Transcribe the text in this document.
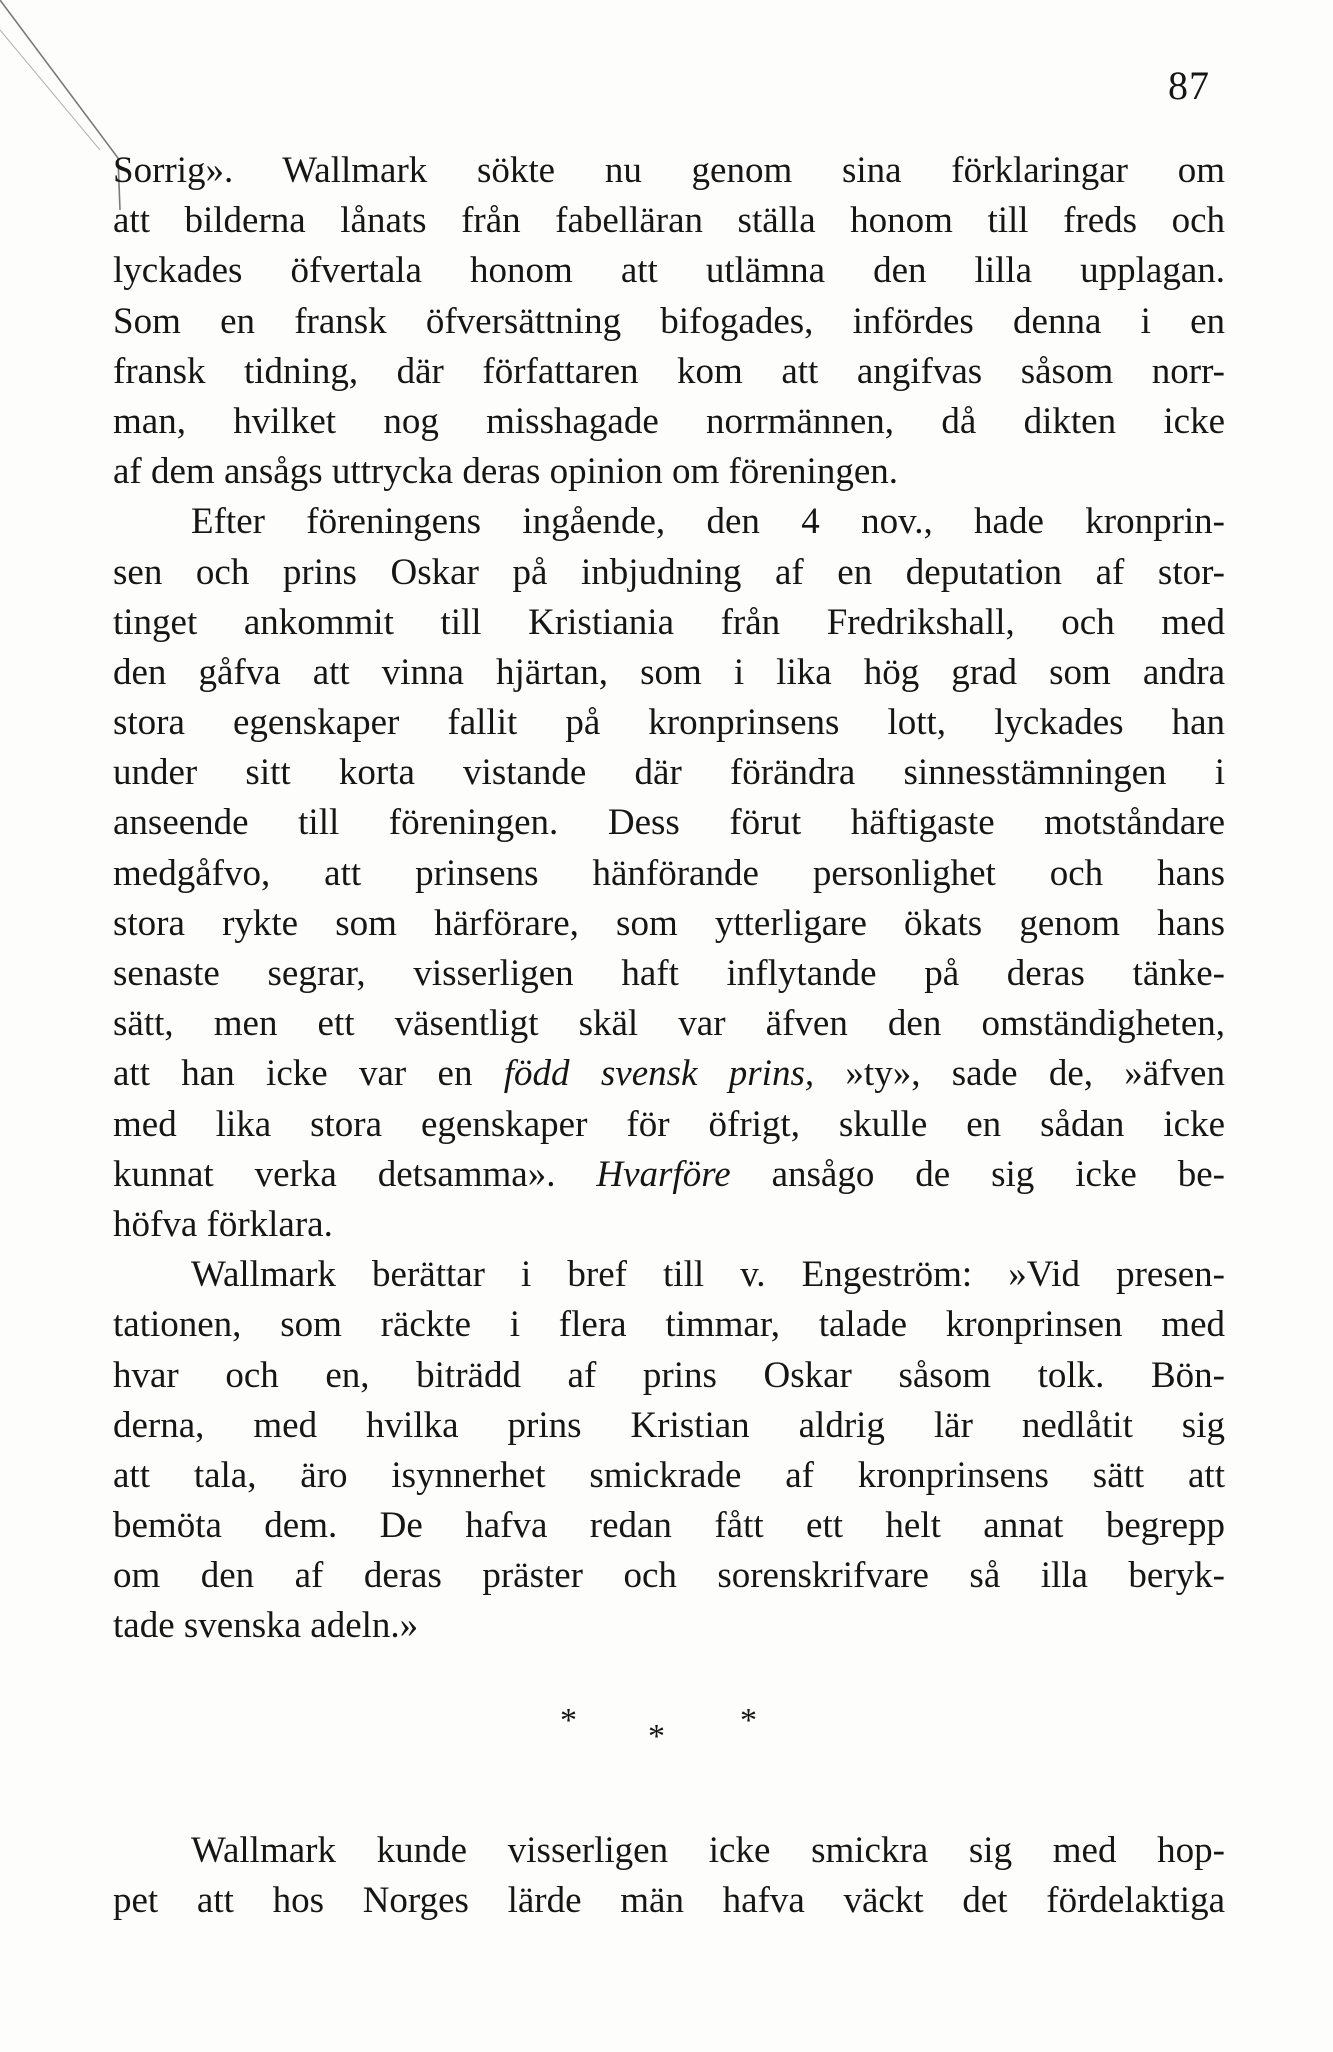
87
Sorrig». Wallmark sökte nu genom sina förklaringar om
att bilderna lånats från fabelläran ställa honom till freds och
lyckades öfvertala honom att utlämna den lilla upplagan.
Som en fransk öfversättning bifogades, infördes denna i en
fransk tidning, där författaren kom att angifvas såsom norr-
man, hvilket nog misshagade norrmännen, då dikten icke
af dem ansågs uttrycka deras opinion om föreningen.
Efter föreningens ingående, den 4 nov., hade kronprin-
sen och prins Oskar på inbjudning af en deputation af stor-
tinget ankommit till Kristiania från Fredrikshall, och med
den gåfva att vinna hjärtan, som i lika hög grad som andra
stora egenskaper fallit på kronprinsens lott, lyckades han
under sitt korta vistande där förändra sinnesstämningen i
anseende till föreningen. Dess förut häftigaste motståndare
medgåfvo, att prinsens hänförande personlighet och hans
stora rykte som härförare, som ytterligare ökats genom hans
senaste segrar, visserligen haft inflytande på deras tänke-
sätt, men ett väsentligt skäl var äfven den omständigheten,
att han icke var en född svensk prins, »ty», sade de, »äfven
med lika stora egenskaper för öfrigt, skulle en sådan icke
kunnat verka detsamma». Hvarföre ansågo de sig icke be-
höfva förklara.
Wallmark berättar i bref till v. Engeström: »Vid presen-
tationen, som räckte i flera timmar, talade kronprinsen med
hvar och en, biträdd af prins Oskar såsom tolk. Bön-
derna, med hvilka prins Kristian aldrig lär nedlåtit sig
att tala, äro isynnerhet smickrade af kronprinsens sätt att
bemöta dem. De hafva redan fått ett helt annat begrepp
om den af deras präster och sorenskrifvare så illa beryk-
tade svenska adeln.»
* * *
Wallmark kunde visserligen icke smickra sig med hop-
pet att hos Norges lärde män hafva väckt det fördelaktiga
